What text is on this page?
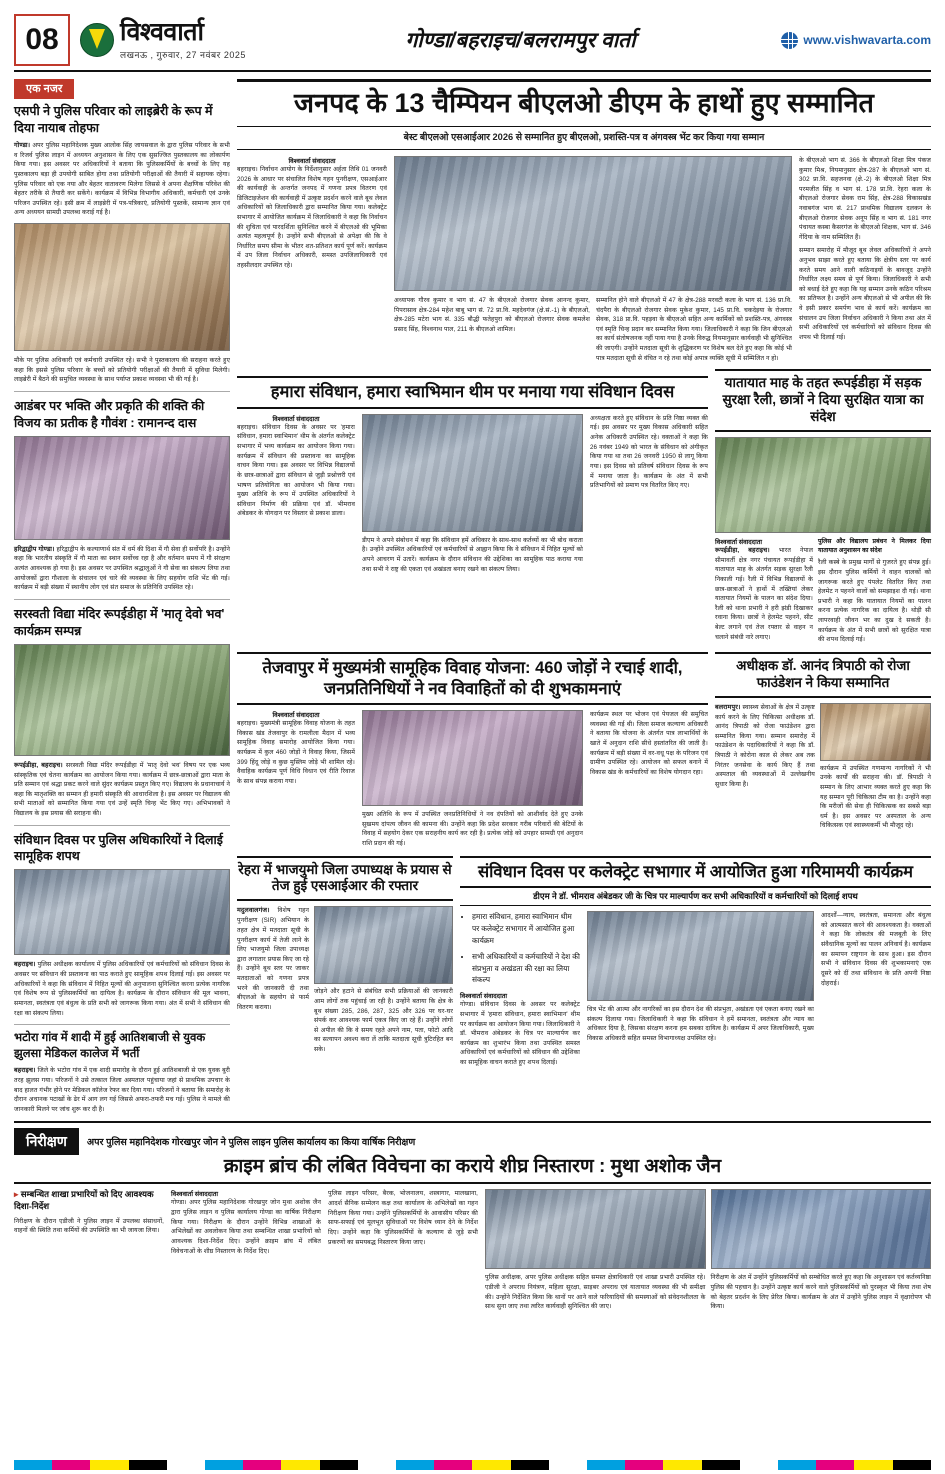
08	विश्ववार्ता
लखनऊ , गुरुवार, 27 नवंबर 2025
गोण्डा/बहराइच/बलरामपुर वार्ता	www.vishwavarta.com
एक नजर
एसपी ने पुलिस परिवार को लाइब्रेरी के रूप में दिया नायाब तोहफा
गोण्डा। अपर पुलिस महानिदेशक मुख्य आलोक सिंह जायसवाल के द्वारा पुलिस परिवार के सभी व रिजर्व पुलिस लाइन में अध्ययन अनुशासन के लिए एक सुसज्जित पुस्तकालय का लोकार्पण किया गया। इस अवसर पर अधिकारियों ने बताया कि पुलिसकर्मियों के बच्चों के लिए यह पुस्तकालय बड़ा ही उपयोगी साबित होगा तथा प्रतियोगी परीक्षाओं की तैयारी में सहायक रहेगा। पुलिस परिवार को एक नया और बेहतर वातावरण मिलेगा जिससे वे अपना शैक्षणिक परिवेश की बेहतर तरीके से तैयारी कर सकेंगे। कार्यक्रम में विभिन्न विभागीय अधिकारी, कर्मचारी एवं उनके परिजन उपस्थित रहे। इसी क्रम में लाइब्रेरी में पत्र-पत्रिकाएं, प्रतियोगी पुस्तकें, सामान्य ज्ञान एवं अन्य अध्ययन सामग्री उपलब्ध कराई गई है।
मौके पर पुलिस अधिकारी एवं कर्मचारी उपस्थित रहे। सभी ने पुस्तकालय की सराहना करते हुए कहा कि इससे पुलिस परिवार के बच्चों को प्रतियोगी परीक्षाओं की तैयारी में सुविधा मिलेगी। लाइब्रेरी में बैठने की समुचित व्यवस्था के साथ पर्याप्त प्रकाश व्यवस्था भी की गई है।
आडंबर पर भक्ति और प्रकृति की शक्ति की विजय का प्रतीक है गौवंश : रामानन्द दास
हरिद्वाद्वीप गोण्डा। हरिद्वाद्वीप के कल्याणार्थ संत में धर्म की दिशा में गौ सेवा ही सर्वोपरि है। उन्होंने कहा कि भारतीय संस्कृति में गौ माता का स्थान सर्वोच्च रहा है और वर्तमान समय में गौ संरक्षण अत्यंत आवश्यक हो गया है। इस अवसर पर उपस्थित श्रद्धालुओं ने गौ सेवा का संकल्प लिया तथा आयोजकों द्वारा गौशाला के संचालन एवं चारे की व्यवस्था के लिए सहयोग राशि भेंट की गई। कार्यक्रम में बड़ी संख्या में स्थानीय लोग एवं संत समाज के प्रतिनिधि उपस्थित रहे।
सरस्वती विद्या मंदिर रूपईडीहा में 'मातृ देवो भव' कार्यक्रम सम्पन्न
रूपईडीहा, बहराइच। सरस्वती विद्या मंदिर रूपईडीहा में 'मातृ देवो भव' विषय पर एक भव्य सांस्कृतिक एवं चेतना कार्यक्रम का आयोजन किया गया। कार्यक्रम में छात्र-छात्राओं द्वारा माता के प्रति सम्मान एवं श्रद्धा प्रकट करने वाले सुंदर कार्यक्रम प्रस्तुत किए गए। विद्यालय के प्रधानाचार्य ने कहा कि मातृशक्ति का सम्मान ही हमारी संस्कृति की आधारशिला है। इस अवसर पर विद्यालय की सभी माताओं को सम्मानित किया गया एवं उन्हें स्मृति चिन्ह भेंट किए गए। अभिभावकों ने विद्यालय के इस प्रयास की सराहना की।
संविधान दिवस पर पुलिस अधिकारियों ने दिलाई सामूहिक शपथ
बहराइच। पुलिस अधीक्षक कार्यालय में पुलिस अधिकारियों एवं कर्मचारियों को संविधान दिवस के अवसर पर संविधान की प्रस्तावना का पाठ कराते हुए सामूहिक शपथ दिलाई गई। इस अवसर पर अधिकारियों ने कहा कि संविधान में निहित मूल्यों की अनुपालना सुनिश्चित करना प्रत्येक नागरिक एवं विशेष रूप से पुलिसकर्मियों का दायित्व है। कार्यक्रम के दौरान संविधान की मूल भावना, समानता, स्वतंत्रता एवं बंधुत्व के प्रति सभी को जागरूक किया गया। अंत में सभी ने संविधान की रक्षा का संकल्प लिया।
भटोरा गांव में शादी में हुई आतिशबाजी से युवक झुलसा मेडिकल कालेज में भर्ती
बहराइच। जिले के भटोरा गांव में एक शादी समारोह के दौरान हुई आतिशबाजी से एक युवक बुरी तरह झुलस गया। परिजनों ने उसे तत्काल जिला अस्पताल पहुंचाया जहां से प्राथमिक उपचार के बाद हालत गंभीर होने पर मेडिकल कॉलेज रेफर कर दिया गया। परिजनों ने बताया कि समारोह के दौरान अचानक पटाखों के ढेर में आग लग गई जिससे अफरा-तफरी मच गई। पुलिस ने मामले की जानकारी मिलने पर जांच शुरू कर दी है।
जनपद के 13 चैम्पियन बीएलओ डीएम के हाथों हुए सम्मानित
बेस्ट बीएलओ एसआईआर 2026 से सम्मानित हुए बीएलओ, प्रशस्ति-पत्र व अंगवस्त्र भेंट कर किया गया सम्मान
विश्ववार्ता संवाददाता
बहराइच। निर्वाचन आयोग के निर्देशानुसार अर्हता तिथि 01 जनवरी 2026 के आधार पर संचालित विशेष गहन पुनरीक्षण, एसआईआर की कार्यवाही के अन्तर्गत जनपद में गणना प्रपत्र वितरण एवं डिजिटाइजेशन की कार्यवाही में उत्कृष्ट प्रदर्शन करने वाले बूथ लेवल अधिकारियों को जिलाधिकारी द्वारा सम्मानित किया गया। कलेक्ट्रेट सभागार में आयोजित कार्यक्रम में जिलाधिकारी ने कहा कि निर्वाचन की शुचिता एवं पारदर्शिता सुनिश्चित करने में बीएलओ की भूमिका अत्यंत महत्वपूर्ण है। उन्होंने सभी बीएलओ से अपेक्षा की कि वे निर्धारित समय सीमा के भीतर शत-प्रतिशत कार्य पूर्ण करें। कार्यक्रम में उप जिला निर्वाचन अधिकारी, समस्त उपजिलाधिकारी एवं तहसीलदार उपस्थित रहे।
अध्यापक गौरव कुमार व भाग सं. 47 के बीएलओ रोजगार सेवक आनन्द कुमार, पिपरासाव क्षेत्र-284 महेश बाबू भाग सं. 72 प्रा.वि. महदेवगंज (क्षे.सं.-1) के बीएलओ, क्षेत्र-285 मटेरा भाग सं. 335 बौद्धी फतेहपुरा को बीएलओ रोजगार सेवक कमलेश प्रसाद सिंह, विश्वनाथ पाल, 211 के बीएलओ शामिल।
सम्मानित होने वाले बीएलओ में 47 के क्षेत्र-288 मरवटी कला के भाग सं. 136 प्रा.वि. चंदपैरा के बीएलओ रोजगार सेवक मुकेश कुमार, 145 प्रा.वि. चकदेइया के रोजगार सेवक, 318 प्रा.वि. पहड़वा के बीएलओ सहित अन्य कार्मिकों को प्रशस्ति-पत्र, अंगवस्त्र एवं स्मृति चिन्ह प्रदान कर सम्मानित किया गया। जिलाधिकारी ने कहा कि जिन बीएलओ का कार्य संतोषजनक नहीं पाया गया है उनके विरुद्ध नियमानुसार कार्यवाही भी सुनिश्चित की जाएगी। उन्होंने मतदाता सूची के शुद्धिकरण पर विशेष बल देते हुए कहा कि कोई भी पात्र मतदाता सूची से वंचित न रहे तथा कोई अपात्र व्यक्ति सूची में सम्मिलित न हो।
के बीएलओ भाग सं. 366 के बीएलओ शिक्षा मित्र पंकज कुमार मिश्र, नियमानुसार क्षेत्र-287 के बीएलओ भाग सं. 302 प्रा.वि. सहजनवा (क्षे.-2) के बीएलओ शिक्षा मित्र परमजीत सिंह व भाग सं. 178 प्रा.वि. रेहरा कला के बीएलओ रोजगार सेवक राम सिंह, क्षेत्र-288 विकासखंड नवाबगंज भाग सं. 217 प्राथमिक विद्यालय दलकन के बीएलओ रोजगार सेवक अनूप सिंह व भाग सं. 181 नगर पंचायत कस्बा कैसरगंज के बीएलओ शिक्षक, भाग सं. 346 गेंदिया के नाम सम्मिलित हैं।
सम्मान समारोह में मौजूद बूथ लेवल अधिकारियों ने अपने अनुभव साझा करते हुए बताया कि क्षेत्रीय स्तर पर कार्य करते समय आने वाली कठिनाइयों के बावजूद उन्होंने निर्धारित लक्ष्य समय से पूर्ण किया। जिलाधिकारी ने सभी को बधाई देते हुए कहा कि यह सम्मान उनके कठिन परिश्रम का प्रतिफल है। उन्होंने अन्य बीएलओ से भी अपील की कि वे इसी प्रकार समर्पण भाव से कार्य करें। कार्यक्रम का संचालन उप जिला निर्वाचन अधिकारी ने किया तथा अंत में सभी अधिकारियों एवं कर्मचारियों को संविधान दिवस की शपथ भी दिलाई गई।
हमारा संविधान, हमारा स्वाभिमान थीम पर मनाया गया संविधान दिवस
विश्ववार्ता संवाददाता
बहराइच। संविधान दिवस के अवसर पर 'हमारा संविधान, हमारा स्वाभिमान' थीम के अंतर्गत कलेक्ट्रेट सभागार में भव्य कार्यक्रम का आयोजन किया गया। कार्यक्रम में संविधान की प्रस्तावना का सामूहिक वाचन किया गया। इस अवसर पर विभिन्न विद्यालयों के छात्र-छात्राओं द्वारा संविधान से जुड़ी प्रश्नोत्तरी एवं भाषण प्रतियोगिता का आयोजन भी किया गया। मुख्य अतिथि के रूप में उपस्थित अधिकारियों ने संविधान निर्माण की प्रक्रिया एवं डॉ. भीमराव अंबेडकर के योगदान पर विस्तार से प्रकाश डाला।
डीएम ने अपने संबोधन में कहा कि संविधान हमें अधिकार के साथ-साथ कर्तव्यों का भी बोध कराता है। उन्होंने उपस्थित अधिकारियों एवं कर्मचारियों से आह्वान किया कि वे संविधान में निहित मूल्यों को अपने आचरण में उतारें। कार्यक्रम के दौरान संविधान की उद्देशिका का सामूहिक पाठ कराया गया तथा सभी ने राष्ट्र की एकता एवं अखंडता बनाए रखने का संकल्प लिया।
अध्यक्षता करते हुए संविधान के प्रति निष्ठा व्यक्त की गई। इस अवसर पर मुख्य विकास अधिकारी सहित अनेक अधिकारी उपस्थित रहे। वक्ताओं ने कहा कि 26 नवंबर 1949 को भारत के संविधान को अंगीकृत किया गया था तथा 26 जनवरी 1950 से लागू किया गया। इस दिवस को प्रतिवर्ष संविधान दिवस के रूप में मनाया जाता है। कार्यक्रम के अंत में सभी प्रतिभागियों को प्रमाण पत्र वितरित किए गए।
यातायात माह के तहत रूपईडीहा में सड़क सुरक्षा रैली, छात्रों ने दिया सुरक्षित यात्रा का संदेश
विश्ववार्ता संवाददाता
रूपईडीहा, बहराइच। भारत नेपाल सीमावर्ती क्षेत्र नगर पंचायत रूपईडीहा में यातायात माह के अंतर्गत सड़क सुरक्षा रैली निकाली गई। रैली में विभिन्न विद्यालयों के छात्र-छात्राओं ने हाथों में तख्तियां लेकर यातायात नियमों के पालन का संदेश दिया। रैली को थाना प्रभारी ने हरी झंडी दिखाकर रवाना किया। छात्रों ने हेलमेट पहनने, सीट बेल्ट लगाने एवं तेज रफ्तार से वाहन न चलाने संबंधी नारे लगाए।
पुलिस और विद्यालय प्रबंधन ने मिलकर दिया यातायात अनुशासन का संदेश
रैली कस्बे के प्रमुख मार्गों से गुजरते हुए संपन्न हुई। इस दौरान पुलिस कर्मियों ने वाहन चालकों को जागरूक करते हुए पंपलेट वितरित किए तथा हेलमेट न पहनने वालों को समझाइश दी गई। थाना प्रभारी ने कहा कि यातायात नियमों का पालन करना प्रत्येक नागरिक का दायित्व है। थोड़ी सी लापरवाही जीवन भर का दुख दे सकती है। कार्यक्रम के अंत में सभी छात्रों को सुरक्षित यात्रा की शपथ दिलाई गई।
तेजवापुर में मुख्यमंत्री सामूहिक विवाह योजना: 460 जोड़ों ने रचाई शादी, जनप्रतिनिधियों ने नव विवाहितों को दी शुभकामनाएं
विश्ववार्ता संवाददाता
बहराइच। मुख्यमंत्री सामूहिक विवाह योजना के तहत विकास खंड तेजवापुर के रामलीला मैदान में भव्य सामूहिक विवाह समारोह आयोजित किया गया। कार्यक्रम में कुल 460 जोड़ों ने विवाह किया, जिसमें 399 हिंदू जोड़े व कुछ मुस्लिम जोड़े भी शामिल रहे। वैवाहिक कार्यक्रम पूर्ण विधि विधान एवं रीति रिवाज के साथ संपन्न कराया गया।
मुख्य अतिथि के रूप में उपस्थित जनप्रतिनिधियों ने नव दंपतियों को आशीर्वाद देते हुए उनके सुखमय दांपत्य जीवन की कामना की। उन्होंने कहा कि प्रदेश सरकार गरीब परिवारों की बेटियों के विवाह में सहयोग देकर एक सराहनीय कार्य कर रही है। प्रत्येक जोड़े को उपहार सामग्री एवं अनुदान राशि प्रदान की गई।
कार्यक्रम स्थल पर भोजन एवं पेयजल की समुचित व्यवस्था की गई थी। जिला समाज कल्याण अधिकारी ने बताया कि योजना के अंतर्गत पात्र लाभार्थियों के खाते में अनुदान राशि सीधे हस्तांतरित की जाती है। कार्यक्रम में बड़ी संख्या में वर-वधू पक्ष के परिजन एवं ग्रामीण उपस्थित रहे। आयोजन को सफल बनाने में विकास खंड के कर्मचारियों का विशेष योगदान रहा।
अधीक्षक डॉ. आनंद त्रिपाठी को रोजा फाउंडेशन ने किया सम्मानित
बलरामपुर। स्वास्थ्य सेवाओं के क्षेत्र में उत्कृष्ट कार्य करने के लिए चिकित्सा अधीक्षक डॉ. आनंद त्रिपाठी को रोजा फाउंडेशन द्वारा सम्मानित किया गया। सम्मान समारोह में फाउंडेशन के पदाधिकारियों ने कहा कि डॉ. त्रिपाठी ने कोरोना काल से लेकर अब तक निरंतर जनसेवा के कार्य किए हैं तथा अस्पताल की व्यवस्थाओं में उल्लेखनीय सुधार किया है।
कार्यक्रम में उपस्थित गणमान्य नागरिकों ने भी उनके कार्यों की सराहना की। डॉ. त्रिपाठी ने सम्मान के लिए आभार व्यक्त करते हुए कहा कि यह सम्मान पूरी चिकित्सा टीम का है। उन्होंने कहा कि मरीजों की सेवा ही चिकित्सक का सबसे बड़ा धर्म है। इस अवसर पर अस्पताल के अन्य चिकित्सक एवं स्वास्थ्यकर्मी भी मौजूद रहे।
रेहरा में भाजयुमो जिला उपाध्यक्ष के प्रयास से तेज हुई एसआईआर की रफ्तार
मदुलवालगंज। विशेष गहन पुनरीक्षण (SIR) अभियान के तहत क्षेत्र में मतदाता सूची के पुनरीक्षण कार्य में तेजी लाने के लिए भाजयुमो जिला उपाध्यक्ष द्वारा लगातार प्रयास किए जा रहे हैं। उन्होंने बूथ स्तर पर जाकर मतदाताओं को गणना प्रपत्र भरने की जानकारी दी तथा बीएलओ के सहयोग से फार्म वितरण कराया।
जोड़ने और हटाने से संबंधित सभी प्रक्रियाओं की जानकारी आम लोगों तक पहुंचाई जा रही है। उन्होंने बताया कि क्षेत्र के बूथ संख्या 285, 286, 287, 325 और 326 पर घर-घर संपर्क कर आवश्यक फार्म एकत्र किए जा रहे हैं। उन्होंने लोगों से अपील की कि वे समय रहते अपने नाम, पता, फोटो आदि का सत्यापन अवश्य करा लें ताकि मतदाता सूची त्रुटिरहित बन सके।
संविधान दिवस पर कलेक्ट्रेट सभागार में आयोजित हुआ गरिमामयी कार्यक्रम
डीएम ने डॉ. भीमराव अंबेडकर जी के चित्र पर माल्यार्पण कर सभी अधिकारियों व कर्मचारियों को दिलाई शपथ
• हमारा संविधान, हमारा स्वाभिमान थीम पर कलेक्ट्रेट सभागार में आयोजित हुआ कार्यक्रम
• सभी अधिकारियों व कर्मचारियों ने देश की संप्रभुता व अखंडता की रक्षा का लिया संकल्प
विश्ववार्ता संवाददाता
गोण्डा। संविधान दिवस के अवसर पर कलेक्ट्रेट सभागार में 'हमारा संविधान, हमारा स्वाभिमान' थीम पर कार्यक्रम का आयोजन किया गया। जिलाधिकारी ने डॉ. भीमराव अंबेडकर के चित्र पर माल्यार्पण कर कार्यक्रम का शुभारंभ किया तथा उपस्थित समस्त अधिकारियों एवं कर्मचारियों को संविधान की उद्देशिका का सामूहिक वाचन कराते हुए शपथ दिलाई।
चित्र भेंट की आत्मा और नागरिकों का इस दौरान देश की संप्रभुता, अखंडता एवं एकता बनाए रखने का संकल्प दिलाया गया। जिलाधिकारी ने कहा कि संविधान ने हमें समानता, स्वतंत्रता और न्याय का अधिकार दिया है, जिसका संरक्षण करना हम सबका दायित्व है। कार्यक्रम में अपर जिलाधिकारी, मुख्य विकास अधिकारी सहित समस्त विभागाध्यक्ष उपस्थित रहे।
आदर्शों—न्याय, स्वतंत्रता, समानता और बंधुत्व को आत्मसात करने की आवश्यकता है। वक्ताओं ने कहा कि लोकतंत्र की मजबूती के लिए संवैधानिक मूल्यों का पालन अनिवार्य है। कार्यक्रम का समापन राष्ट्रगान के साथ हुआ। इस दौरान सभी ने संविधान दिवस की शुभकामनाएं एक दूसरे को दीं तथा संविधान के प्रति अपनी निष्ठा दोहराई।
निरीक्षण	अपर पुलिस महानिदेशक गोरखपुर जोन ने पुलिस लाइन पुलिस कार्यालय का किया वार्षिक निरीक्षण
क्राइम ब्रांच की लंबित विवेचना का कराये शीघ्र निस्तारण : मुथा अशोक जैन
▸ सम्बन्धित शाखा प्रभारियों को दिए आवश्यक दिशा-निर्देश
निरीक्षण के दौरान एडीजी ने पुलिस लाइन में उपलब्ध संसाधनों, वाहनों की स्थिति तथा कर्मियों की उपस्थिति का भी जायजा लिया।
विश्ववार्ता संवाददाता
गोण्डा। अपर पुलिस महानिदेशक गोरखपुर जोन मुथा अशोक जैन द्वारा पुलिस लाइन व पुलिस कार्यालय गोण्डा का वार्षिक निरीक्षण किया गया। निरीक्षण के दौरान उन्होंने विभिन्न शाखाओं के अभिलेखों का अवलोकन किया तथा सम्बन्धित शाखा प्रभारियों को आवश्यक दिशा-निर्देश दिए। उन्होंने क्राइम ब्रांच में लंबित विवेचनाओं के शीघ्र निस्तारण के निर्देश दिए।
पुलिस लाइन परिसर, बैरक, भोजनालय, शस्त्रागार, मालखाना, आदर्श सैनिक सम्मेलन कक्ष तथा कार्यालय के अभिलेखों का गहन निरीक्षण किया गया। उन्होंने पुलिसकर्मियों के आवासीय परिसर की साफ-सफाई एवं मूलभूत सुविधाओं पर विशेष ध्यान देने के निर्देश दिए। उन्होंने कहा कि पुलिसकर्मियों के कल्याण से जुड़े सभी प्रकरणों का समयबद्ध निस्तारण किया जाए।
पुलिस अधीक्षक, अपर पुलिस अधीक्षक सहित समस्त क्षेत्राधिकारी एवं शाखा प्रभारी उपस्थित रहे। एडीजी ने अपराध नियंत्रण, महिला सुरक्षा, साइबर अपराध एवं यातायात व्यवस्था की भी समीक्षा की। उन्होंने निर्देशित किया कि थानों पर आने वाले फरियादियों की समस्याओं को संवेदनशीलता के साथ सुना जाए तथा त्वरित कार्यवाही सुनिश्चित की जाए।
निरीक्षण के अंत में उन्होंने पुलिसकर्मियों को सम्बोधित करते हुए कहा कि अनुशासन एवं कर्तव्यनिष्ठा पुलिस की पहचान है। उन्होंने उत्कृष्ट कार्य करने वाले पुलिसकर्मियों को पुरस्कृत भी किया तथा शेष को बेहतर प्रदर्शन के लिए प्रेरित किया। कार्यक्रम के अंत में उन्होंने पुलिस लाइन में वृक्षारोपण भी किया।
